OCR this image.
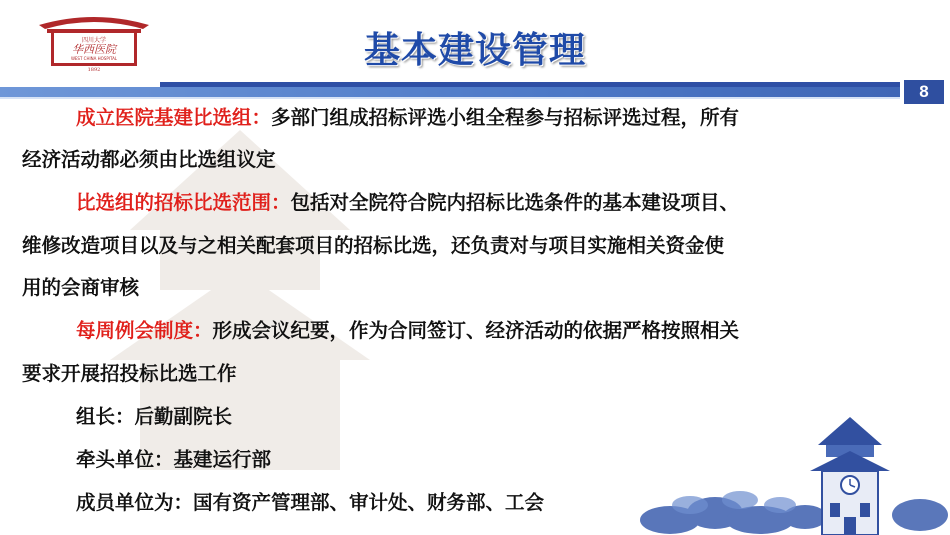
四川大学
华西医院
WEST CHINA HOSPITAL
1892	基本建设管理
8
成立医院基建比选组：多部门组成招标评选小组全程参与招标评选过程，所有
经济活动都必须由比选组议定
比选组的招标比选范围：包括对全院符合院内招标比选条件的基本建设项目、
维修改造项目以及与之相关配套项目的招标比选，还负责对与项目实施相关资金使
用的会商审核
每周例会制度：形成会议纪要，作为合同签订、经济活动的依据严格按照相关
要求开展招投标比选工作
组长：后勤副院长
牵头单位：基建运行部
成员单位为：国有资产管理部、审计处、财务部、工会
